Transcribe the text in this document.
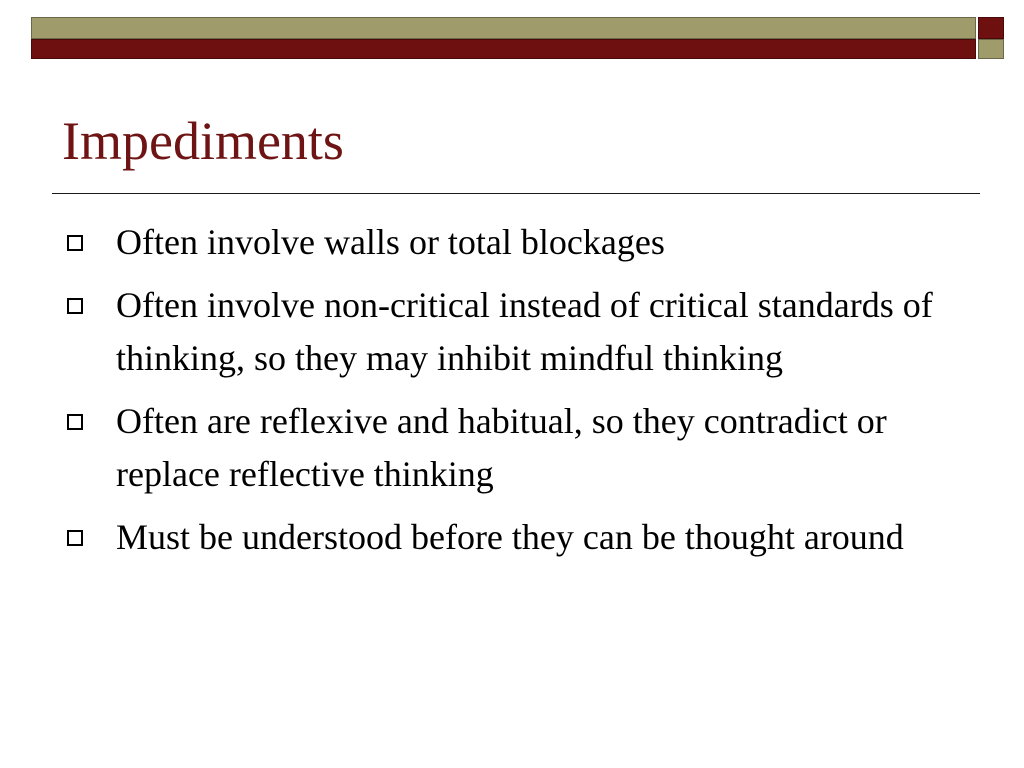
Impediments
Often involve walls or total blockages
Often involve non-critical instead of critical standards of thinking, so they may inhibit mindful thinking
Often are reflexive and habitual, so they contradict or replace reflective thinking
Must be understood before they can be thought around
